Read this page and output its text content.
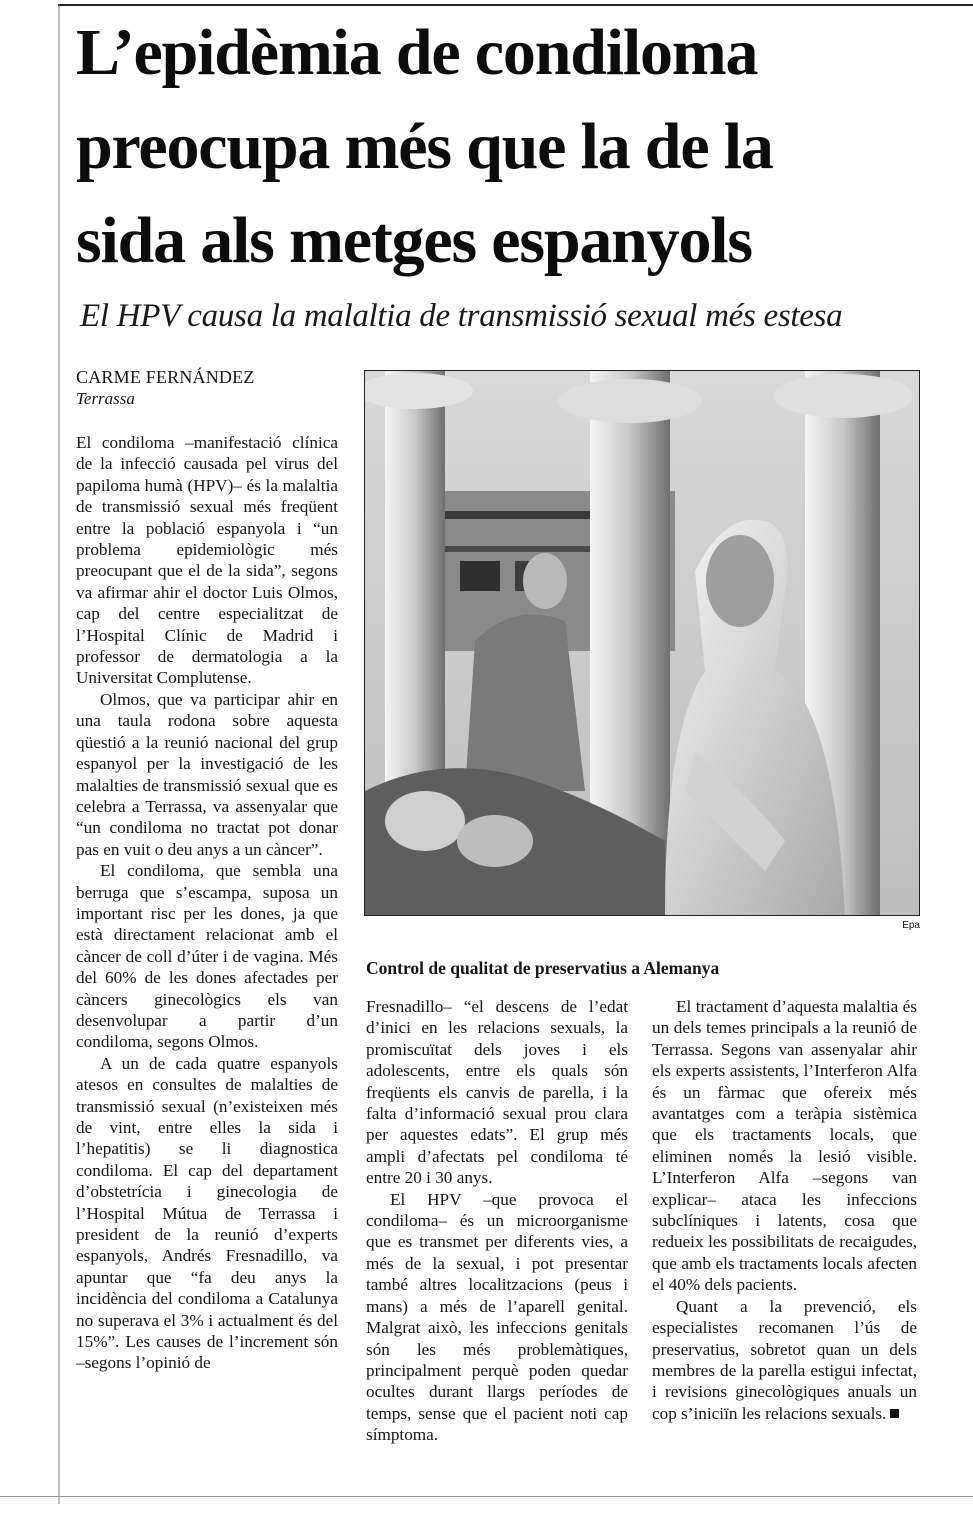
L’epidèmia de condiloma
preocupa més que la de la
sida als metges espanyols
El HPV causa la malaltia de transmissió sexual més estesa
CARME FERNÁNDEZ
Terrassa

El condiloma –manifestació clínica de la infecció causada pel virus del papiloma humà (HPV)– és la malaltia de transmissió sexual més freqüent entre la població espanyola i “un problema epidemiològic més preocupant que el de la sida”, segons va afirmar ahir el doctor Luis Olmos, cap del centre especialitzat de l’Hospital Clínic de Madrid i professor de dermatologia a la Universitat Complutense.

Olmos, que va participar ahir en una taula rodona sobre aquesta qüestió a la reunió nacional del grup espanyol per la investigació de les malalties de transmissió sexual que es celebra a Terrassa, va assenyalar que “un condiloma no tractat pot donar pas en vuit o deu anys a un càncer”.

El condiloma, que sembla una berruga que s’escampa, suposa un important risc per les dones, ja que està directament relacionat amb el càncer de coll d’úter i de vagina. Més del 60% de les dones afectades per càncers ginecològics els van desenvolupar a partir d’un condiloma, segons Olmos.

A un de cada quatre espanyols atesos en consultes de malalties de transmissió sexual (n’existeixen més de vint, entre elles la sida i l’hepatitis) se li diagnostica condiloma. El cap del departament d’obstetrícia i ginecologia de l’Hospital Mútua de Terrassa i president de la reunió d’experts espanyols, Andrés Fresnadillo, va apuntar que “fa deu anys la incidència del condiloma a Catalunya no superava el 3% i actualment és del 15%”. Les causes de l’increment són –segons l’opinió de

Epa
Control de qualitat de preservatius a Alemanya

Fresnadillo– “el descens de l’edat d’inici en les relacions sexuals, la promiscuïtat dels joves i els adolescents, entre els quals són freqüents els canvis de parella, i la falta d’informació sexual prou clara per aquestes edats”. El grup més ampli d’afectats pel condiloma té entre 20 i 30 anys.

El HPV –que provoca el condiloma– és un microorganisme que es transmet per diferents vies, a més de la sexual, i pot presentar també altres localitzacions (peus i mans) a més de l’aparell genital. Malgrat això, les infeccions genitals són les més problemàtiques, principalment perquè poden quedar ocultes durant llargs períodes de temps, sense que el pacient noti cap símptoma.

El tractament d’aquesta malaltia és un dels temes principals a la reunió de Terrassa. Segons van assenyalar ahir els experts assistents, l’Interferon Alfa és un fàrmac que ofereix més avantatges com a teràpia sistèmica que els tractaments locals, que eliminen només la lesió visible. L’Interferon Alfa –segons van explicar– ataca les infeccions subclíniques i latents, cosa que redueix les possibilitats de recaigudes, que amb els tractaments locals afecten el 40% dels pacients.

Quant a la prevenció, els especialistes recomanen l’ús de preservatius, sobretot quan un dels membres de la parella estigui infectat, i revisions ginecològiques anuals un cop s’iniciïn les relacions sexuals.
